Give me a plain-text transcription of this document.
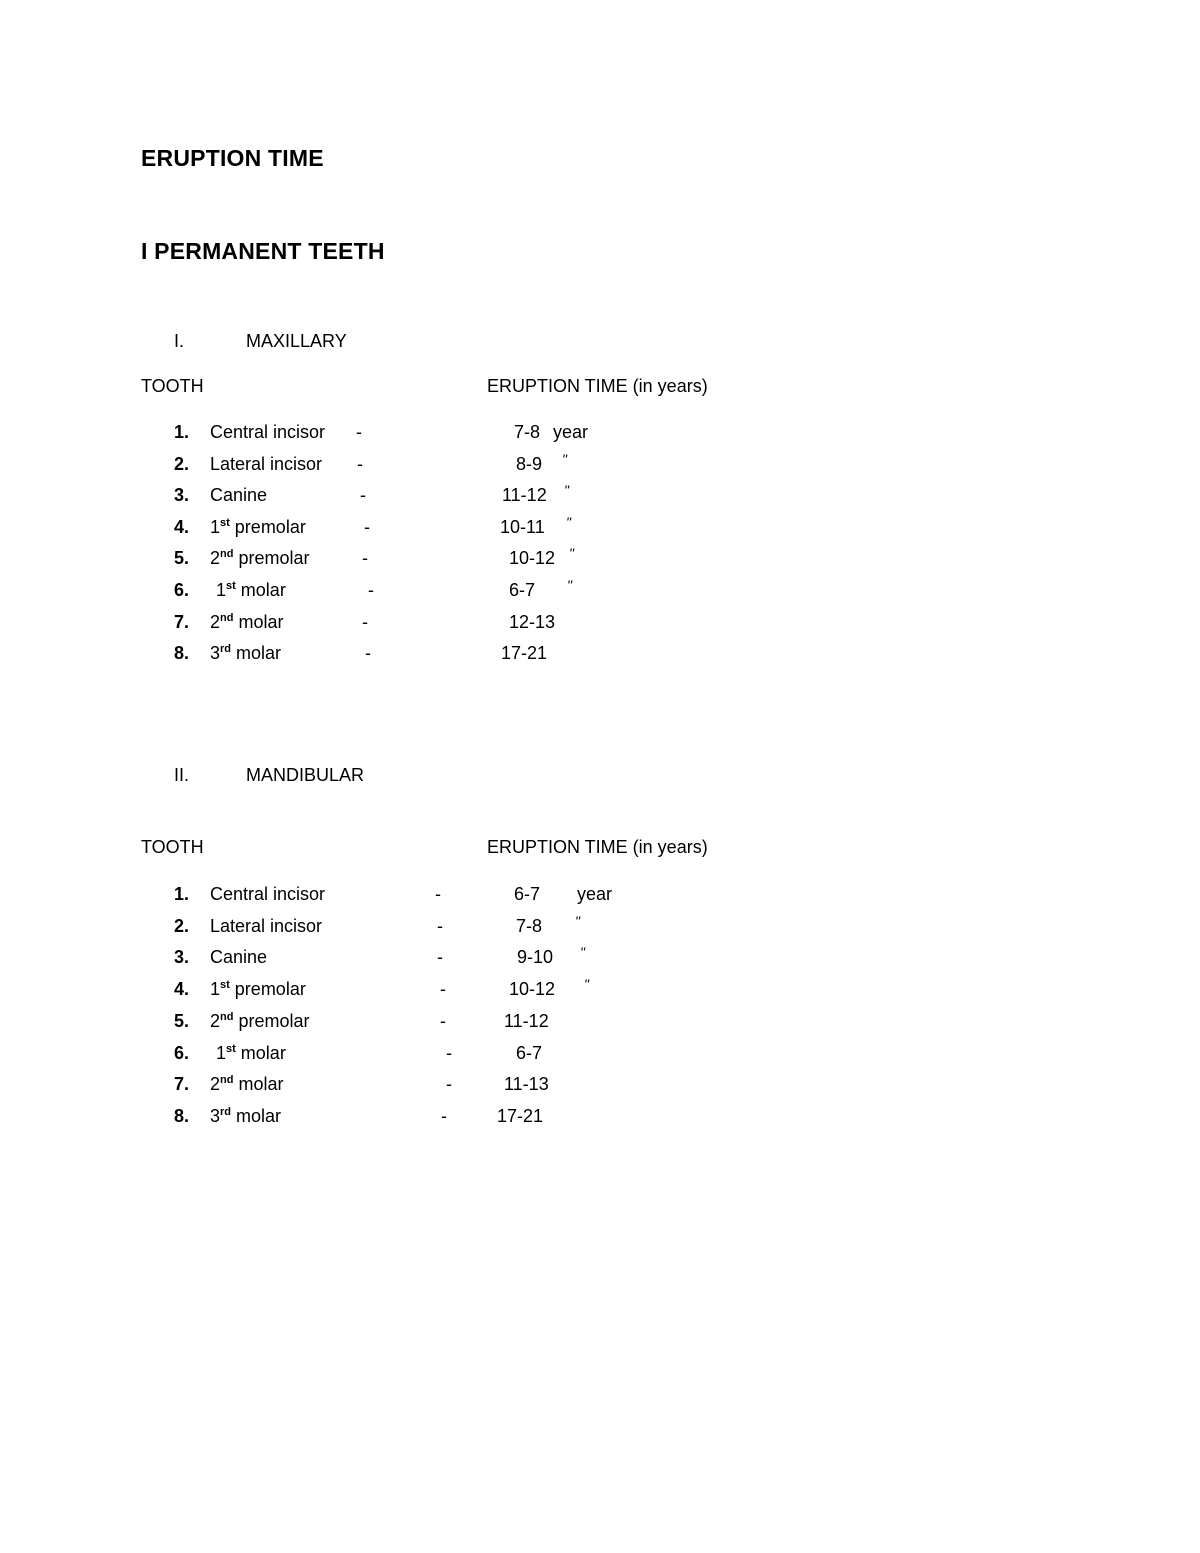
ERUPTION TIME
I PERMANENT TEETH
I.	MAXILLARY
TOOTH	ERUPTION TIME (in years)
1. Central incisor -	7-8 year
2. Lateral incisor -	8-9 "
3. Canine	-	11-12 "
4. 1st premolar	-	10-11 "
5. 2nd premolar	-	10-12 "
6. 1st molar	-	6-7 "
7. 2nd molar	-	12-13
8. 3rd molar	-	17-21
II.	MANDIBULAR
TOOTH	ERUPTION TIME (in years)
1. Central incisor	-	6-7 year
2. Lateral incisor	-	7-8 "
3. Canine	-	9-10 "
4. 1st premolar	-	10-12 "
5. 2nd premolar	-	11-12
6. 1st molar	-	6-7
7. 2nd molar	-	11-13
8. 3rd molar	-	17-21
